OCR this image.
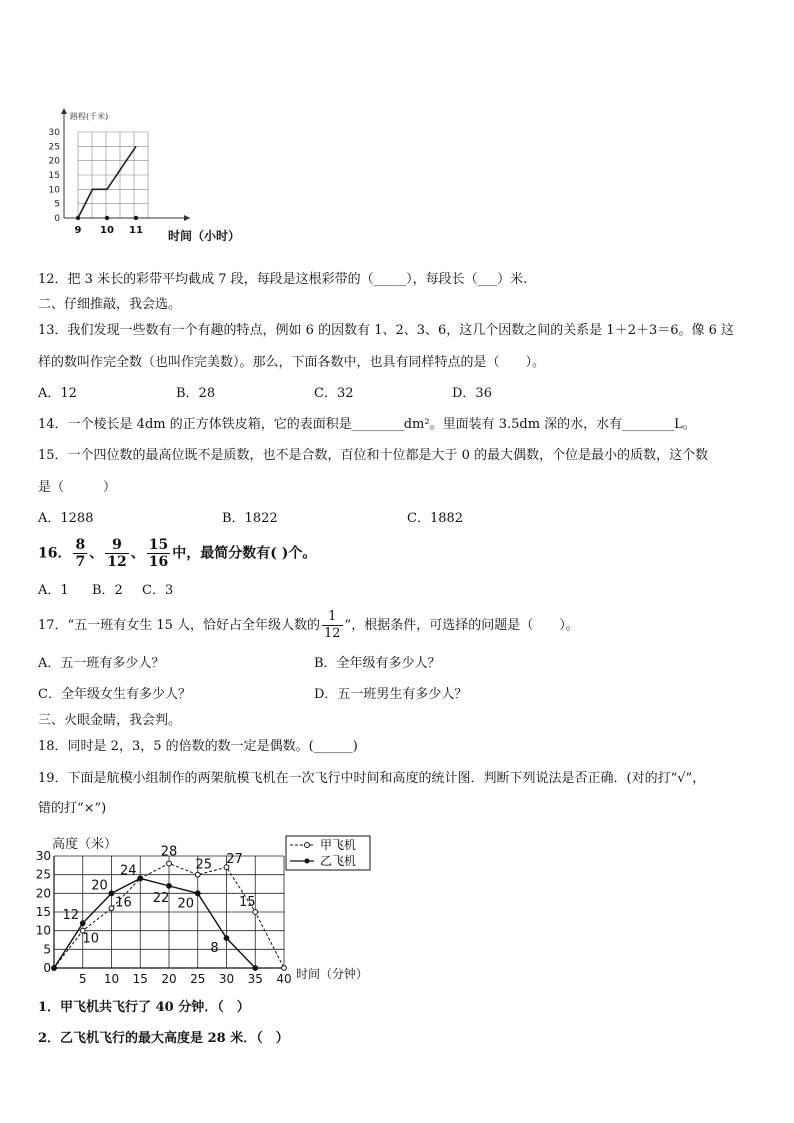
0
5
10
15
20
25
30
9 10 11
路程(千米)
时间（小时）
12．把 3 米长的彩带平均截成 7 段，每段是这根彩带的（_____），每段长（___）米.
二、仔细推敲，我会选。
13．我们发现一些数有一个有趣的特点，例如 6 的因数有 1、2、3、6，这几个因数之间的关系是 1＋2＋3＝6。像 6 这
样的数叫作完全数（也叫作完美数）。那么，下面各数中，也具有同样特点的是（　　）。
A．12	B．28	C．32	D．36
14．一个棱长是 4dm 的正方体铁皮箱，它的表面积是________dm²。里面装有 3.5dm 深的水，水有________L。
15．一个四位数的最高位既不是质数，也不是合数，百位和十位都是大于 0 的最大偶数，个位是最小的质数，这个数
是（　　　）
A．1288	B．1822	C．1882
16． $\frac{8}{7}$ 、 $\frac{9}{12}$ 、 $\frac{15}{16}$ 中，最简分数有( )个。
A．1 B．2 C．3
17．“五一班有女生 15 人，恰好占全年级人数的 $\frac{1}{12}$ ”，根据条件，可选择的问题是（　　）。
A．五一班有多少人？	B．全年级有多少人？
C．全年级女生有多少人？	D．五一班男生有多少人？
三、火眼金睛，我会判。
18．同时是 2，3，5 的倍数的数一定是偶数。(______)
19．下面是航模小组制作的两架航模飞机在一次飞行中时间和高度的统计图．判断下列说法是否正确．(对的打“√”，
错的打“×”)
0
5
10
15
20
25
30
5 10 15 20 25 30 35 40
10
16
28
25 27
15
12
20
24
22 20
8
高度（米）
时间（分钟）
甲飞机
乙飞机
1．甲飞机共飞行了 40 分钟．（　）
2．乙飞机飞行的最大高度是 28 米．（　）
